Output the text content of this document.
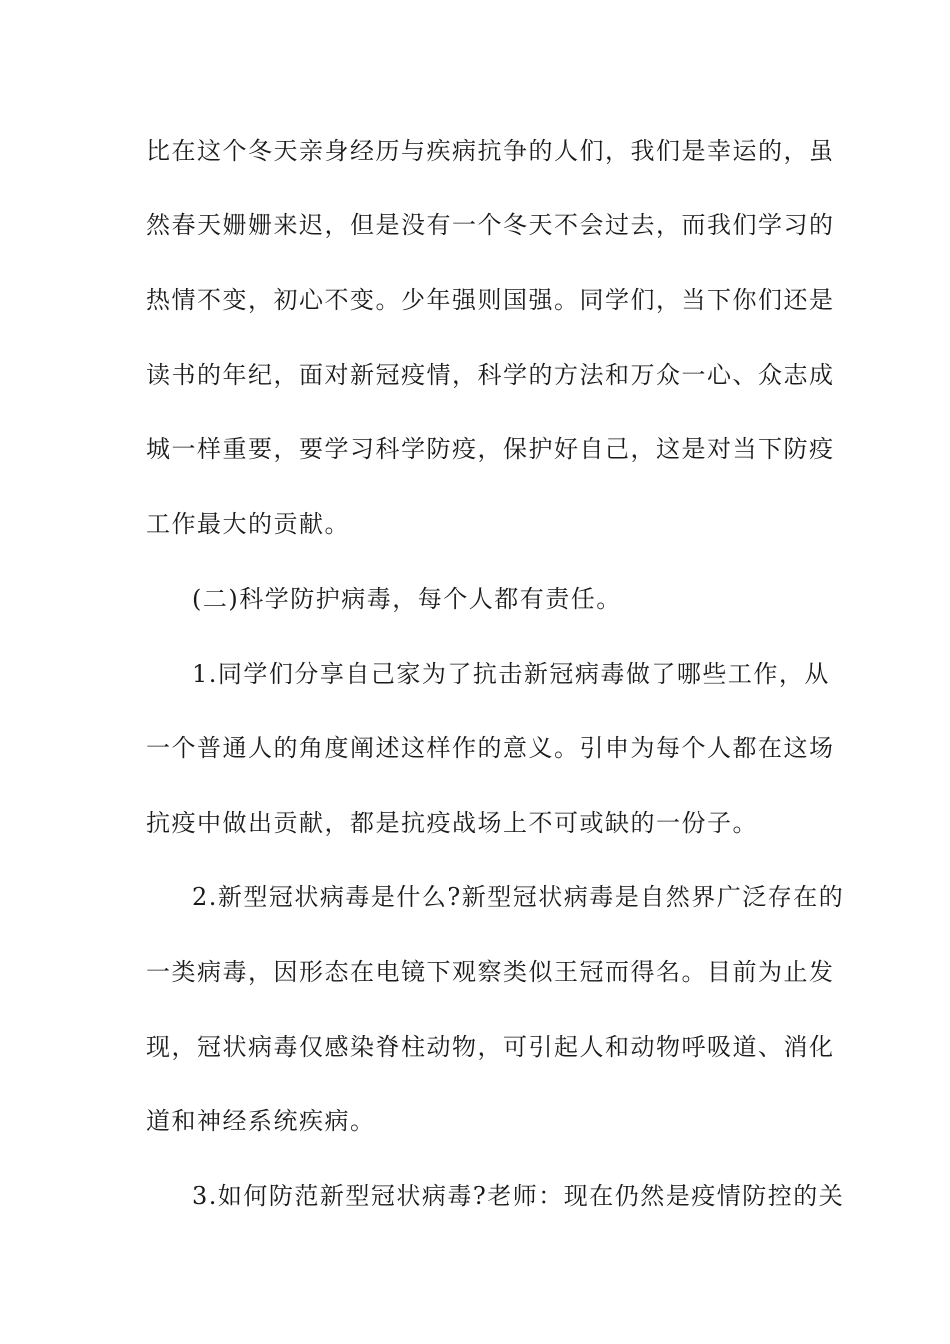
比在这个冬天亲身经历与疾病抗争的人们，我们是幸运的，虽
然春天姗姗来迟，但是没有一个冬天不会过去，而我们学习的
热情不变，初心不变。少年强则国强。同学们，当下你们还是
读书的年纪，面对新冠疫情，科学的方法和万众一心、众志成
城一样重要，要学习科学防疫，保护好自己，这是对当下防疫
工作最大的贡献。
(二)科学防护病毒，每个人都有责任。
1.同学们分享自己家为了抗击新冠病毒做了哪些工作，从
一个普通人的角度阐述这样作的意义。引申为每个人都在这场
抗疫中做出贡献，都是抗疫战场上不可或缺的一份子。
2.新型冠状病毒是什么?新型冠状病毒是自然界广泛存在的
一类病毒，因形态在电镜下观察类似王冠而得名。目前为止发
现，冠状病毒仅感染脊柱动物，可引起人和动物呼吸道、消化
道和神经系统疾病。
3.如何防范新型冠状病毒?老师：现在仍然是疫情防控的关
